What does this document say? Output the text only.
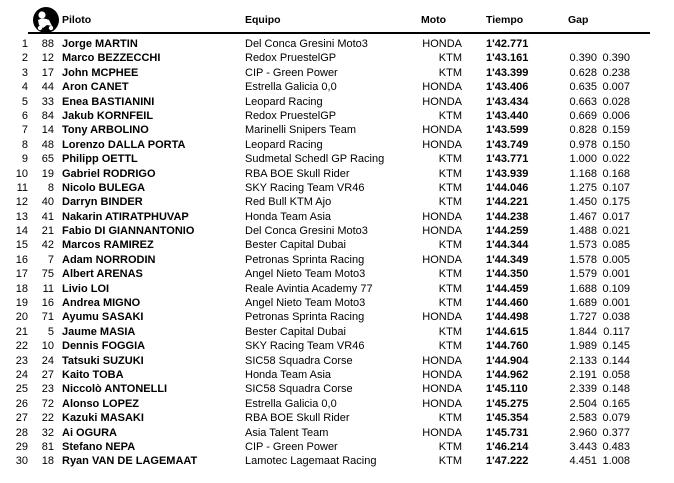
Piloto	Equipo	Moto	Tiempo	Gap
1	88 Jorge MARTIN	Del Conca Gresini Moto3	HONDA 1'42.771
2	12 Marco BEZZECCHI	Redox PruestelGP	KTM 1'43.161	0.390 0.390
3	17 John MCPHEE	CIP - Green Power	KTM 1'43.399	0.628 0.238
4	44 Aron CANET	Estrella Galicia 0,0	HONDA 1'43.406	0.635 0.007
5	33 Enea BASTIANINI	Leopard Racing	HONDA 1'43.434	0.663 0.028
6	84 Jakub KORNFEIL	Redox PruestelGP	KTM 1'43.440	0.669 0.006
7	14 Tony ARBOLINO	Marinelli Snipers Team	HONDA 1'43.599	0.828 0.159
8	48 Lorenzo DALLA PORTA	Leopard Racing	HONDA 1'43.749	0.978 0.150
9	65 Philipp OETTL	Sudmetal Schedl GP Racing	KTM 1'43.771	1.000 0.022
10	19 Gabriel RODRIGO	RBA BOE Skull Rider	KTM 1'43.939	1.168 0.168
11	8 Nicolo BULEGA	SKY Racing Team VR46	KTM 1'44.046	1.275 0.107
12	40 Darryn BINDER	Red Bull KTM Ajo	KTM 1'44.221	1.450 0.175
13	41 Nakarin ATIRATPHUVAP	Honda Team Asia	HONDA 1'44.238	1.467 0.017
14	21 Fabio DI GIANNANTONIO	Del Conca Gresini Moto3	HONDA 1'44.259	1.488 0.021
15	42 Marcos RAMIREZ	Bester Capital Dubai	KTM 1'44.344	1.573 0.085
16	7 Adam NORRODIN	Petronas Sprinta Racing	HONDA 1'44.349	1.578 0.005
17	75 Albert ARENAS	Angel Nieto Team Moto3	KTM 1'44.350	1.579 0.001
18	11 Livio LOI	Reale Avintia Academy 77	KTM 1'44.459	1.688 0.109
19	16 Andrea MIGNO	Angel Nieto Team Moto3	KTM 1'44.460	1.689 0.001
20	71 Ayumu SASAKI	Petronas Sprinta Racing	HONDA 1'44.498	1.727 0.038
21	5 Jaume MASIA	Bester Capital Dubai	KTM 1'44.615	1.844 0.117
22	10 Dennis FOGGIA	SKY Racing Team VR46	KTM 1'44.760	1.989 0.145
23	24 Tatsuki SUZUKI	SIC58 Squadra Corse	HONDA 1'44.904	2.133 0.144
24	27 Kaito TOBA	Honda Team Asia	HONDA 1'44.962	2.191 0.058
25	23 Niccolò ANTONELLI	SIC58 Squadra Corse	HONDA 1'45.110	2.339 0.148
26	72 Alonso LOPEZ	Estrella Galicia 0,0	HONDA 1'45.275	2.504 0.165
27	22 Kazuki MASAKI	RBA BOE Skull Rider	KTM 1'45.354	2.583 0.079
28	32 Ai OGURA	Asia Talent Team	HONDA 1'45.731	2.960 0.377
29	81 Stefano NEPA	CIP - Green Power	KTM 1'46.214	3.443 0.483
30	18 Ryan VAN DE LAGEMAAT	Lamotec Lagemaat Racing	KTM 1'47.222	4.451 1.008
